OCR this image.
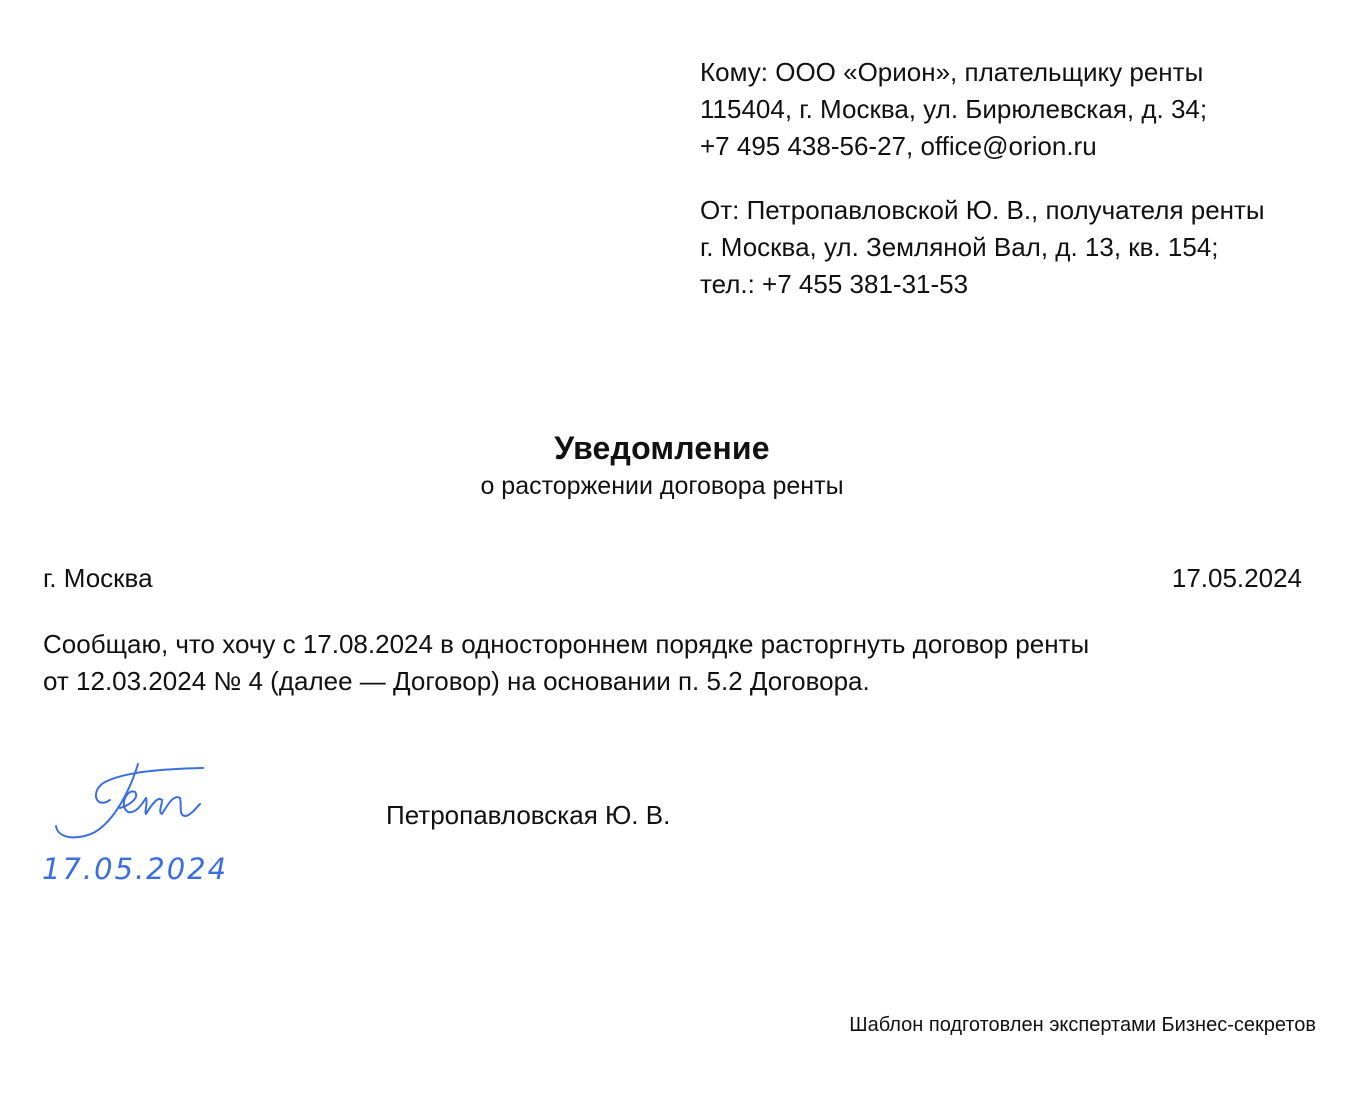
Кому: ООО «Орион», плательщику ренты
115404, г. Москва, ул. Бирюлевская, д. 34;
+7 495 438-56-27, office@orion.ru
От: Петропавловской Ю. В., получателя ренты
г. Москва, ул. Земляной Вал, д. 13, кв. 154;
тел.: +7 455 381-31-53
Уведомление
о расторжении договора ренты
г. Москва	17.05.2024
Сообщаю, что хочу с 17.08.2024 в одностороннем порядке расторгнуть договор ренты
от 12.03.2024 № 4 (далее — Договор) на основании п. 5.2 Договора.
17.05.2024
Петропавловская Ю. В.
Шаблон подготовлен экспертами Бизнес-секретов
